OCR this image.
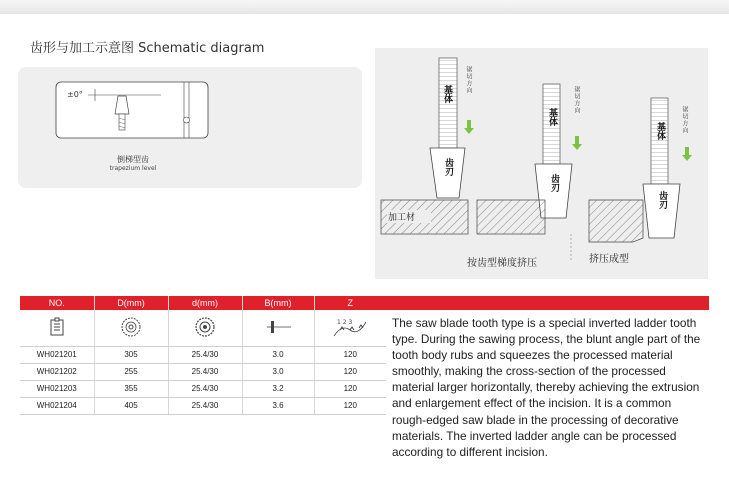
齿形与加工示意图 Schematic diagram
±0°
倒梯型齿
trapezium level
基体
齿刃
锯切方向
加工材
基体
齿刃
锯切方向
基体
齿刃
锯切方向
按齿型梯度挤压	挤压成型
NO.	D(mm)	d(mm)	B(mm)	Z

1 2 3

WH021201	305	25.4/30	3.0	120
WH021202	255	25.4/30	3.0	120
WH021203	355	25.4/30	3.2	120
WH021204	405	25.4/30	3.6	120
The saw blade tooth type is a special inverted ladder tooth type. During the sawing process, the blunt angle part of the tooth body rubs and squeezes the processed material smoothly, making the cross-section of the processed material larger horizontally, thereby achieving the extrusion and enlargement effect of the incision. It is a common rough-edged saw blade in the processing of decorative materials. The inverted ladder angle can be processed according to different incision.
